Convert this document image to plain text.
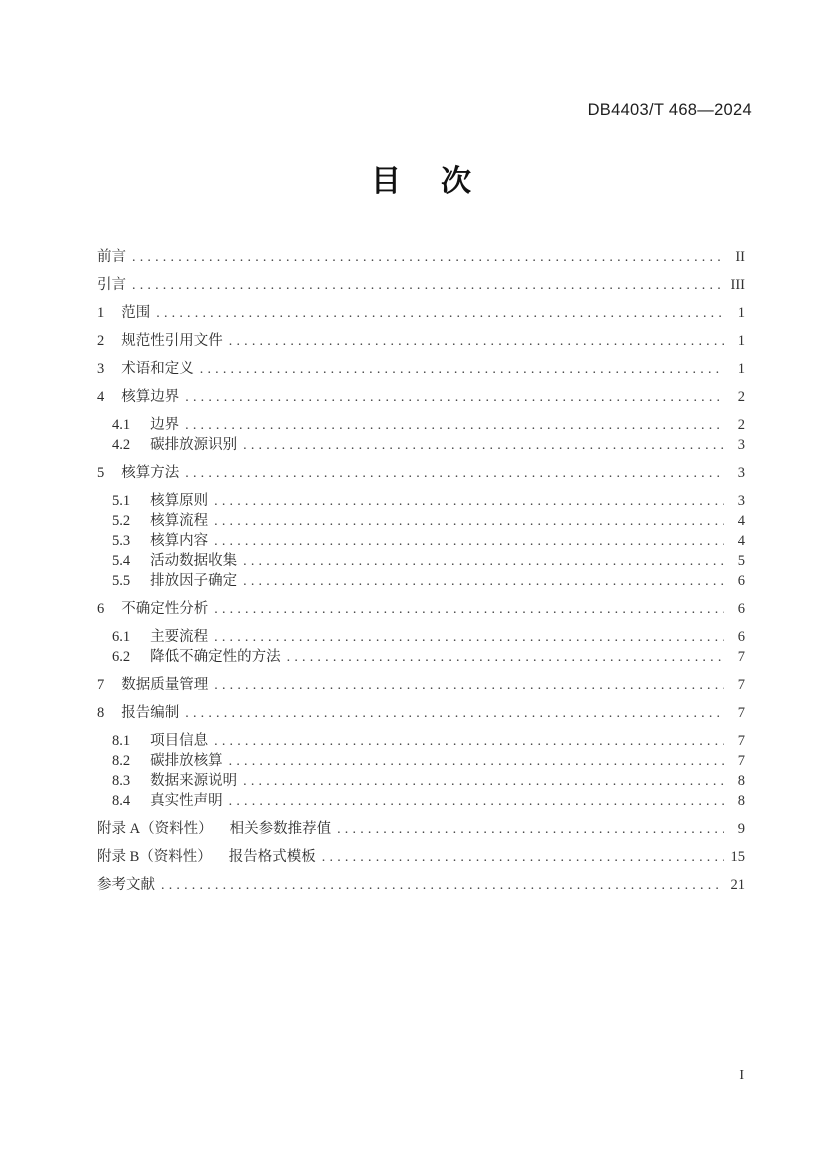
DB4403/T 468—2024
目 次
前言 .....	II
引言 .....	III
1 范围 .....	1
2 规范性引用文件 .....	1
3 术语和定义 .....	1
4 核算边界 .....	2
4.1 边界 .....	2
4.2 碳排放源识别 .....	3
5 核算方法 .....	3
5.1 核算原则 .....	3
5.2 核算流程 .....	4
5.3 核算内容 .....	4
5.4 活动数据收集 .....	5
5.5 排放因子确定 .....	6
6 不确定性分析 .....	6
6.1 主要流程 .....	6
6.2 降低不确定性的方法 .....	7
7 数据质量管理 .....	7
8 报告编制 .....	7
8.1 项目信息 .....	7
8.2 碳排放核算 .....	7
8.3 数据来源说明 .....	8
8.4 真实性声明 .....	8
附录 A（资料性） 相关参数推荐值 .....	9
附录 B（资料性） 报告格式模板 .....	15
参考文献 .....	21
I
